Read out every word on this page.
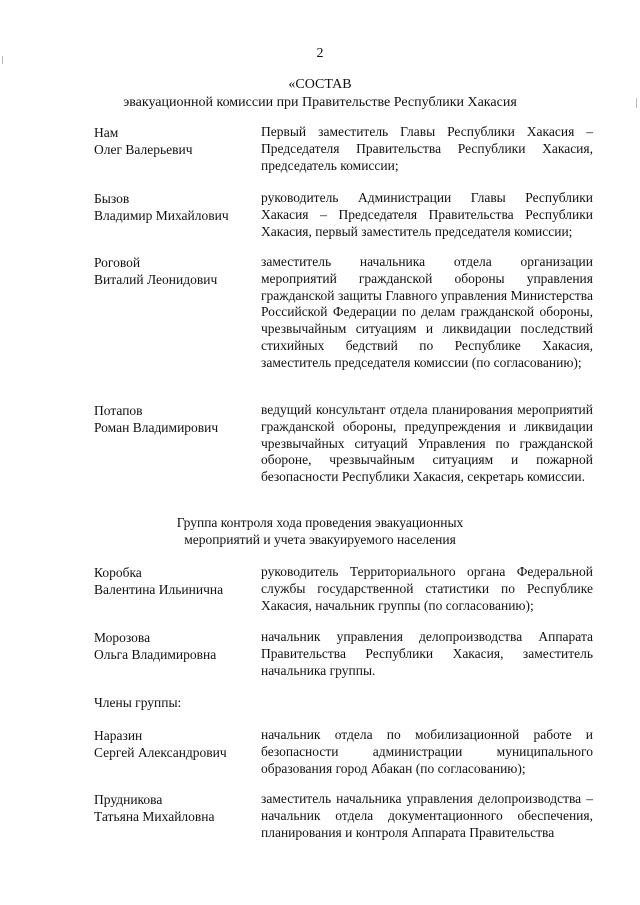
2
«СОСТАВ
эвакуационной комиссии при Правительстве Республики Хакасия
Нам
Олег Валерьевич
Первый заместитель Главы Республики Хакасия – Председателя Правительства Республики Хакасия, председатель комиссии;
Бызов
Владимир Михайлович
руководитель Администрации Главы Республики Хакасия – Председателя Правительства Республики Хакасия, первый заместитель председателя комиссии;
Роговой
Виталий Леонидович
заместитель начальника отдела организации мероприятий гражданской обороны управления гражданской защиты Главного управления Министерства Российской Федерации по делам гражданской обороны, чрезвычайным ситуациям и ликвидации последствий стихийных бедствий по Республике Хакасия, заместитель председателя комиссии (по согласованию);
Потапов
Роман Владимирович
ведущий консультант отдела планирования мероприятий гражданской обороны, предупреждения и ликвидации чрезвычайных ситуаций Управления по гражданской обороне, чрезвычайным ситуациям и пожарной безопасности Республики Хакасия, секретарь комиссии.
Группа контроля хода проведения эвакуационных
мероприятий и учета эвакуируемого населения
Коробка
Валентина Ильинична
руководитель Территориального органа Федеральной службы государственной статистики по Республике Хакасия, начальник группы (по согласованию);
Морозова
Ольга Владимировна
начальник управления делопроизводства Аппарата Правительства Республики Хакасия, заместитель начальника группы.
Члены группы:
Наразин
Сергей Александрович
начальник отдела по мобилизационной работе и безопасности администрации муниципального образования город Абакан (по согласованию);
Прудникова
Татьяна Михайловна
заместитель начальника управления делопроизводства – начальник отдела документационного обеспечения, планирования и контроля Аппарата Правительства
